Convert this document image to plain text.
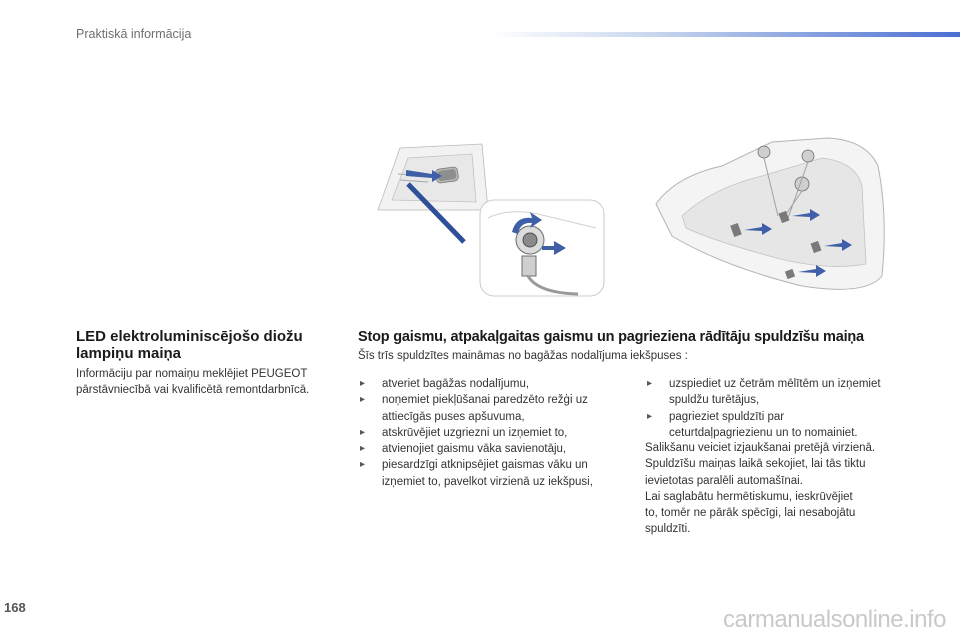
Praktiskā informācija
LED elektroluminiscējošo diožu
lampiņu maiņa
Informāciju par nomaiņu meklējiet PEUGEOT
pārstāvniecībā vai kvalificētā remontdarbnīcā.
Stop gaismu, atpakaļgaitas gaismu un pagrieziena rādītāju spuldzīšu maiņa
Šīs trīs spuldzītes maināmas no bagāžas nodalījuma iekšpuses :
▸ atveriet bagāžas nodalījumu,
▸ noņemiet piekļūšanai paredzēto režģi uz
attiecīgās puses apšuvuma,
▸ atskrūvējiet uzgriezni un izņemiet to,
▸ atvienojiet gaismu vāka savienotāju,
▸ piesardzīgi atknipsējiet gaismas vāku un
izņemiet to, pavelkot virzienā uz iekšpusi,
▸ uzspiediet uz četrām mēlītēm un izņemiet
spuldžu turētājus,
▸ pagrieziet spuldzīti par
ceturtdaļpagriezienu un to nomainiet.

Salikšanu veiciet izjaukšanai pretējā virzienā.

Spuldzīšu maiņas laikā sekojiet, lai tās tiktu

ievietotas paralēli automašīnai.

Lai saglabātu hermētiskumu, ieskrūvējiet

to, tomēr ne pārāk spēcīgi, lai nesabojātu

spuldzīti.

168	carmanualsonline.info
